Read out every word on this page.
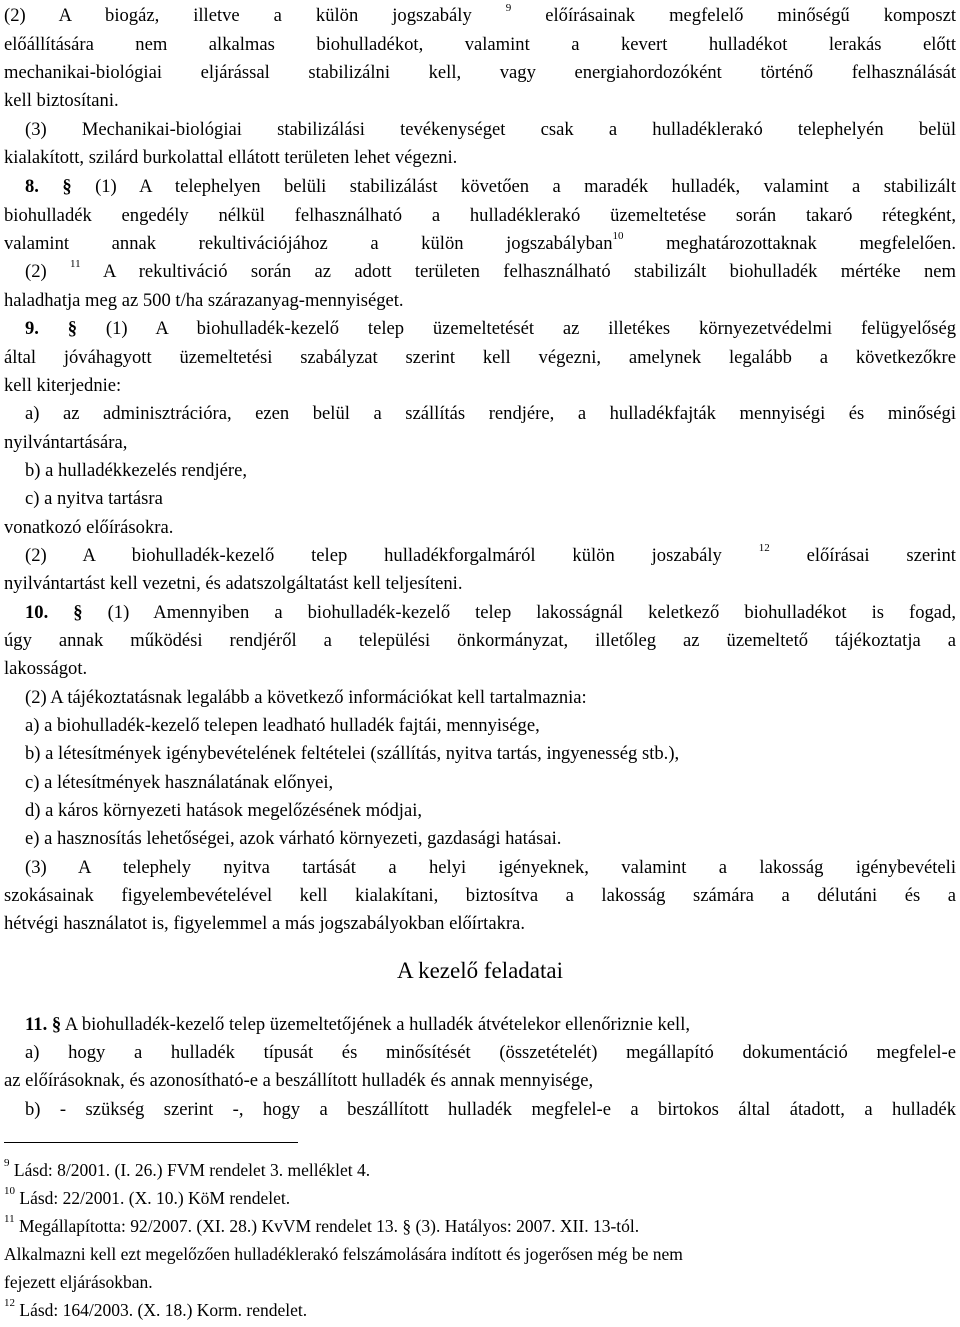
(2) A biogáz, illetve a külön jogszabály	$^9$ előírásainak megfelelő minőségű komposzt
előállítására nem alkalmas biohulladékot, valamint a kevert hulladékot lerakás előtt
mechanikai-biológiai eljárással stabilizálni kell, vagy energiahordozóként történő felhasználását
kell biztosítani.
(3) Mechanikai-biológiai stabilizálási tevékenységet csak a hulladéklerakó telephelyén belül
kialakított, szilárd burkolattal ellátott területen lehet végezni.
8. § (1) A telephelyen belüli stabilizálást követően a maradék hulladék, valamint a stabilizált
biohulladék engedély nélkül felhasználható a hulladéklerakó üzemeltetése során takaró rétegként,
valamint annak rekultivációjához a külön jogszabályban$^{10}$ meghatározottaknak megfelelően.
(2) $^{11}$ A rekultiváció során az adott területen felhasználható stabilizált biohulladék mértéke nem
haladhatja meg az 500 t/ha szárazanyag-mennyiséget.
9. § (1) A biohulladék-kezelő telep üzemeltetését az illetékes környezetvédelmi felügyelőség
által jóváhagyott üzemeltetési szabályzat szerint kell végezni, amelynek legalább a következőkre
kell kiterjednie:
a) az adminisztrációra, ezen belül a szállítás rendjére, a hulladékfajták mennyiségi és minőségi
nyilvántartására,
b) a hulladékkezelés rendjére,
c) a nyitva tartásra
vonatkozó előírásokra.
(2) A biohulladék-kezelő telep hulladékforgalmáról külön joszabály	$^{12}$ előírásai szerint
nyilvántartást kell vezetni, és adatszolgáltatást kell teljesíteni.
10. § (1) Amennyiben a biohulladék-kezelő telep lakosságnál keletkező biohulladékot is fogad,
úgy annak működési rendjéről a települési önkormányzat, illetőleg az üzemeltető tájékoztatja a
lakosságot.
(2) A tájékoztatásnak legalább a következő információkat kell tartalmaznia:
a) a biohulladék-kezelő telepen leadható hulladék fajtái, mennyisége,
b) a létesítmények igénybevételének feltételei (szállítás, nyitva tartás, ingyenesség stb.),
c) a létesítmények használatának előnyei,
d) a káros környezeti hatások megelőzésének módjai,
e) a hasznosítás lehetőségei, azok várható környezeti, gazdasági hatásai.
(3) A telephely nyitva tartását a helyi igényeknek, valamint a lakosság igénybevételi
szokásainak figyelembevételével kell kialakítani, biztosítva a lakosság számára a délutáni és a
hétvégi használatot is, figyelemmel a más jogszabályokban előírtakra.
A kezelő feladatai
11. § A biohulladék-kezelő telep üzemeltetőjének a hulladék átvételekor ellenőriznie kell,
a) hogy a hulladék típusát és minősítését (összetételét) megállapító dokumentáció megfelel-e
az előírásoknak, és azonosítható-e a beszállított hulladék és annak mennyisége,
b) - szükség szerint -, hogy a beszállított hulladék megfelel-e a birtokos által átadott, a hulladék
$^9$ Lásd: 8/2001. (I. 26.) FVM rendelet 3. melléklet 4.
$^{10}$ Lásd: 22/2001. (X. 10.) KöM rendelet.
$^{11}$ Megállapította: 92/2007. (XI. 28.) KvVM rendelet 13. § (3). Hatályos: 2007. XII. 13-tól.
Alkalmazni kell ezt megelőzően hulladéklerakó felszámolására indított és jogerősen még be nem
fejezett eljárásokban.
$^{12}$ Lásd: 164/2003. (X. 18.) Korm. rendelet.
